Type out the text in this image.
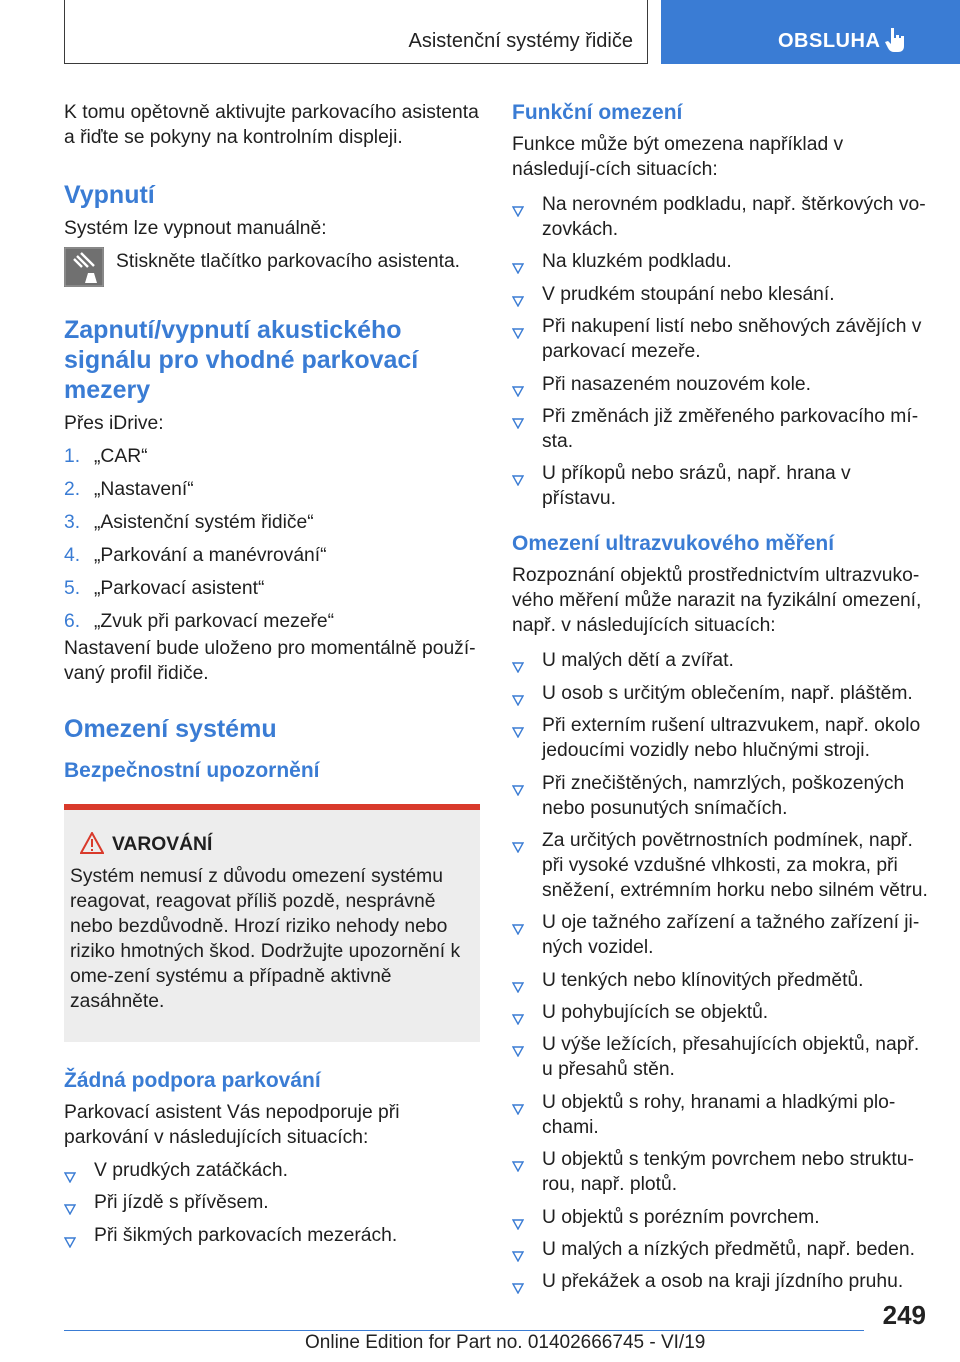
Asistenční systémy řidiče	OBSLUHA

K tomu opětovně aktivujte parkovacího asistenta a řiďte se pokyny na kontrolním displeji.

Vypnutí

Systém lze vypnout manuálně:

Stiskněte tlačítko parkovacího asistenta.

Zapnutí/vypnutí akustického signálu pro vhodné parkovací mezery

Přes iDrive:

1. „CAR“
2. „Nastavení“
3. „Asistenční systém řidiče“
4. „Parkování a manévrování“
5. „Parkovací asistent“
6. „Zvuk při parkovací mezeře“

Nastavení bude uloženo pro momentálně použí-vaný profil řidiče.

Omezení systému
Bezpečnostní upozornění
VAROVÁNÍ

Systém nemusí z důvodu omezení systému reagovat, reagovat příliš pozdě, nesprávně nebo bezdůvodně. Hrozí riziko nehody nebo riziko hmotných škod. Dodržujte upozornění k ome-zení systému a případně aktivně zasáhněte.

Žádná podpora parkování

Parkovací asistent Vás nepodporuje při parkování v následujících situacích:

V prudkých zatáčkách.
Při jízdě s přívěsem.
Při šikmých parkovacích mezerách.
Funkční omezení

Funkce může být omezena například v následují-cích situacích:

Na nerovném podkladu, např. štěrkových vo-zovkách.
Na kluzkém podkladu.
V prudkém stoupání nebo klesání.
Při nakupení listí nebo sněhových závějích v parkovací mezeře.
Při nasazeném nouzovém kole.
Při změnách již změřeného parkovacího mí-sta.
U příkopů nebo srázů, např. hrana v přístavu.
Omezení ultrazvukového měření

Rozpoznání objektů prostřednictvím ultrazvuko-vého měření může narazit na fyzikální omezení, např. v následujících situacích:

U malých dětí a zvířat.
U osob s určitým oblečením, např. pláštěm.
Při externím rušení ultrazvukem, např. okolo jedoucími vozidly nebo hlučnými stroji.
Při znečištěných, namrzlých, poškozených nebo posunutých snímačích.
Za určitých povětrnostních podmínek, např. při vysoké vzdušné vlhkosti, za mokra, při sněžení, extrémním horku nebo silném větru.
U oje tažného zařízení a tažného zařízení ji-ných vozidel.
U tenkých nebo klínovitých předmětů.
U pohybujících se objektů.
U výše ležících, přesahujících objektů, např. u přesahů stěn.
U objektů s rohy, hranami a hladkými plo-chami.
U objektů s tenkým povrchem nebo struktu-rou, např. plotů.
U objektů s porézním povrchem.
U malých a nízkých předmětů, např. beden.
U překážek a osob na kraji jízdního pruhu.
249
Online Edition for Part no. 01402666745 - VI/19
